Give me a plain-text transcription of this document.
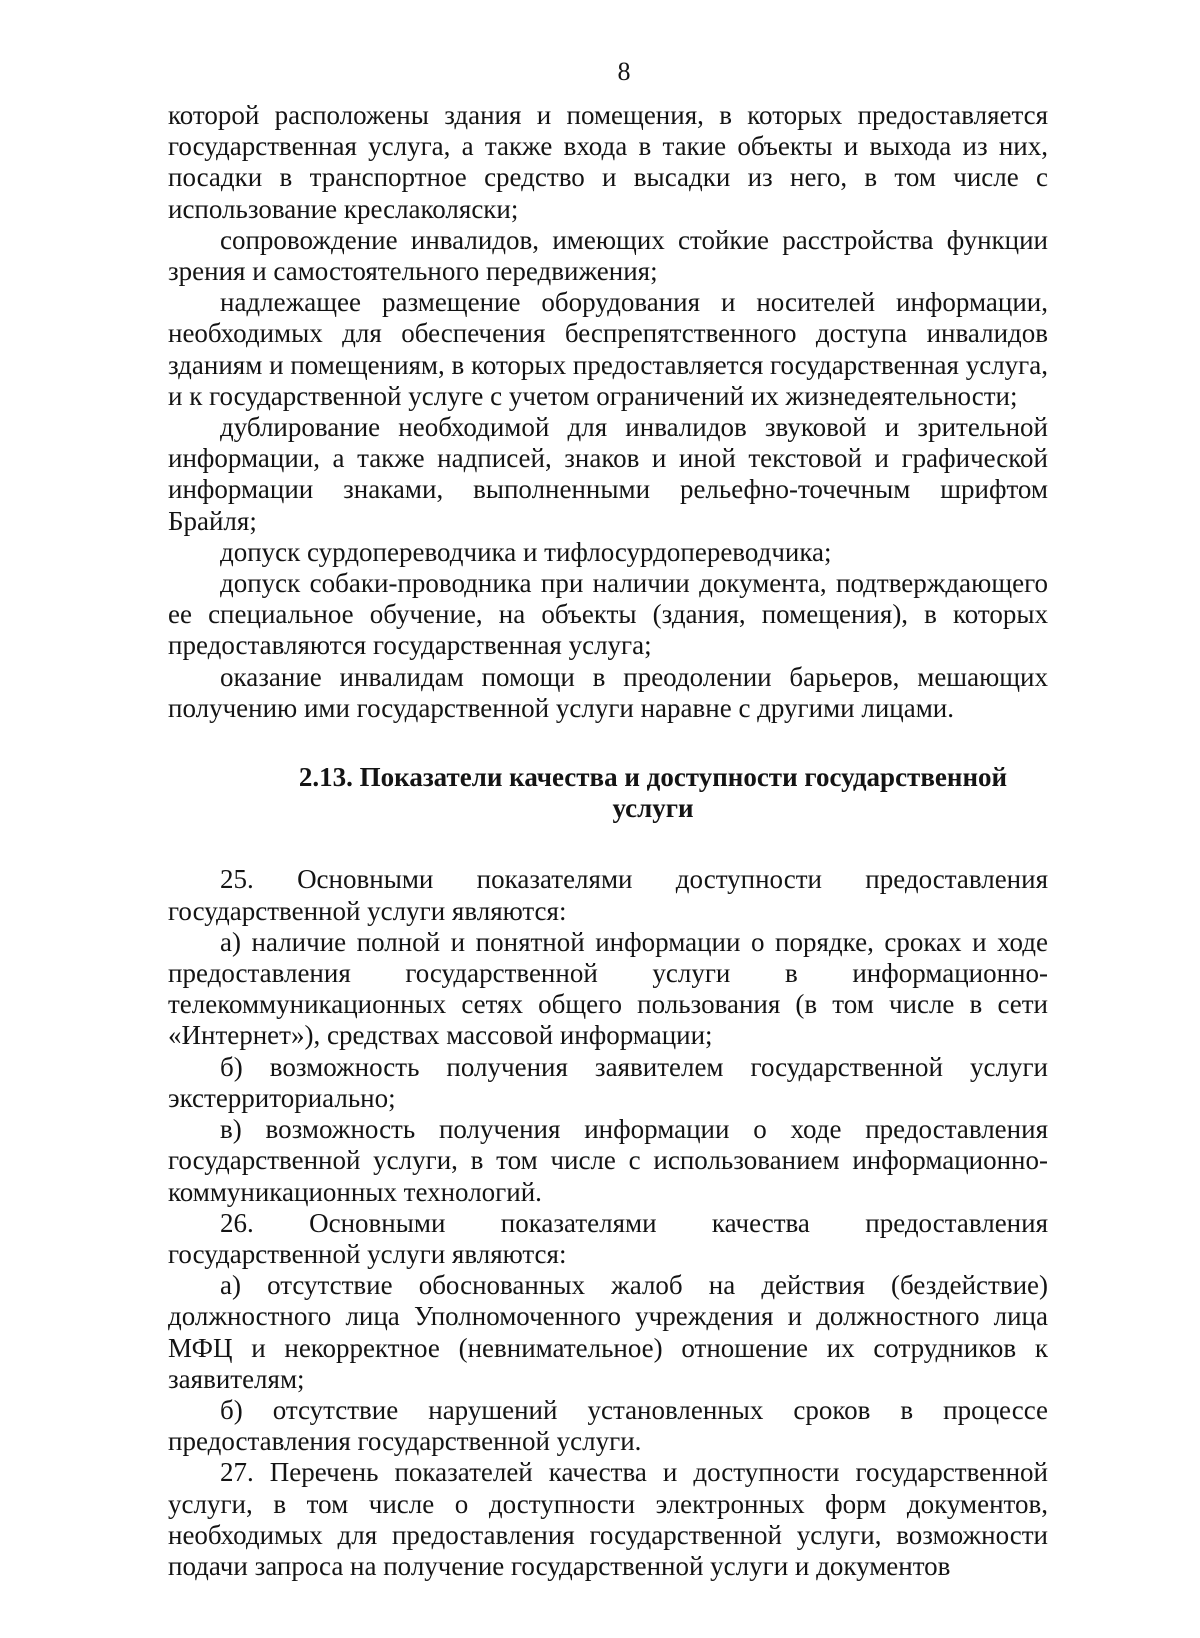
8

которой расположены здания и помещения, в которых предоставляется государственная услуга, а также входа в такие объекты и выхода из них, посадки в транспортное средство и высадки из него, в том числе с использование креслаколяски;

сопровождение инвалидов, имеющих стойкие расстройства функции зрения и самостоятельного передвижения;

надлежащее размещение оборудования и носителей информации, необходимых для обеспечения беспрепятственного доступа инвалидов зданиям и помещениям, в которых предоставляется государственная услуга, и к государственной услуге с учетом ограничений их жизнедеятельности;

дублирование необходимой для инвалидов звуковой и зрительной информации, а также надписей, знаков и иной текстовой и графической информации знаками, выполненными рельефно-точечным шрифтом Брайля;

допуск сурдопереводчика и тифлосурдопереводчика;

допуск собаки-проводника при наличии документа, подтверждающего ее специальное обучение, на объекты (здания, помещения), в которых предоставляются государственная услуга;

оказание инвалидам помощи в преодолении барьеров, мешающих получению ими государственной услуги наравне с другими лицами.

2.13. Показатели качества и доступности государственной услуги

25. Основными показателями доступности предоставления государственной услуги являются:

а) наличие полной и понятной информации о порядке, сроках и ходе предоставления государственной услуги в информационно-телекоммуникационных сетях общего пользования (в том числе в сети «Интернет»), средствах массовой информации;

б) возможность получения заявителем государственной услуги экстерриториально;

в) возможность получения информации о ходе предоставления государственной услуги, в том числе с использованием информационно-коммуникационных технологий.

26. Основными показателями качества предоставления государственной услуги являются:

а) отсутствие обоснованных жалоб на действия (бездействие) должностного лица Уполномоченного учреждения и должностного лица МФЦ и некорректное (невнимательное) отношение их сотрудников к заявителям;

б) отсутствие нарушений установленных сроков в процессе предоставления государственной услуги.

27. Перечень показателей качества и доступности государственной услуги, в том числе о доступности электронных форм документов, необходимых для предоставления государственной услуги, возможности подачи запроса на получение государственной услуги и документов
